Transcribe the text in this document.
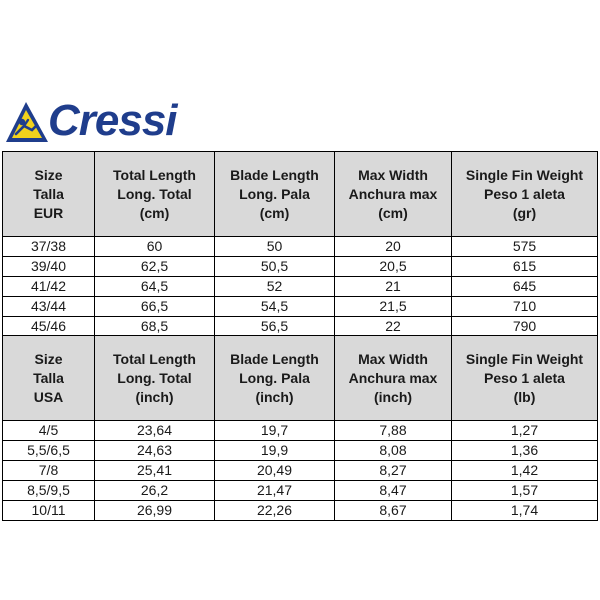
Cressi
Size
Talla
EUR	Total Length
Long. Total
(cm)	Blade Length
Long. Pala
(cm)	Max Width
Anchura max
(cm)	Single Fin Weight
Peso 1 aleta
(gr)

37/38	60	50	20	575
39/40	62,5	50,5	20,5	615
41/42	64,5	52	21	645
43/44	66,5	54,5	21,5	710
45/46	68,5	56,5	22	790
Size
Talla
USA	Total Length
Long. Total
(inch)	Blade Length
Long. Pala
(inch)	Max Width
Anchura max
(inch)	Single Fin Weight
Peso 1 aleta
(lb)

4/5	23,64	19,7	7,88	1,27
5,5/6,5	24,63	19,9	8,08	1,36
7/8	25,41	20,49	8,27	1,42
8,5/9,5	26,2	21,47	8,47	1,57
10/11	26,99	22,26	8,67	1,74
